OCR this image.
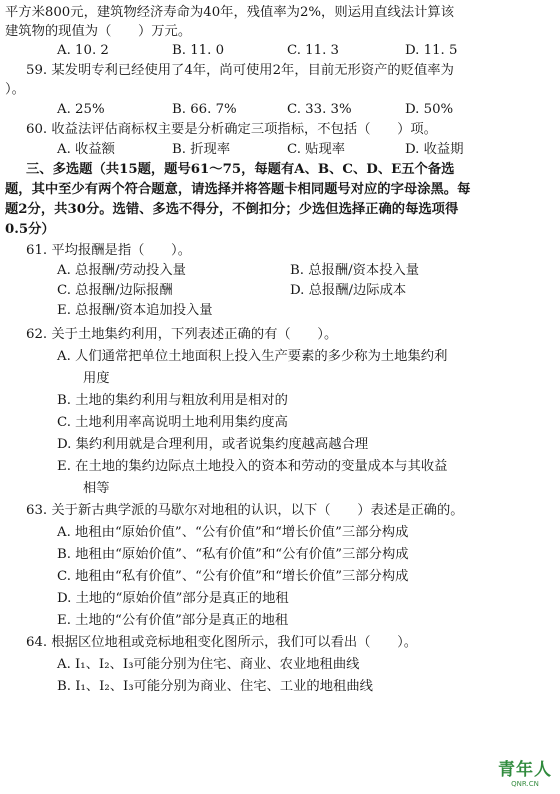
平方米800元，建筑物经济寿命为40年，残值率为2%，则运用直线法计算该
建筑物的现值为（　　）万元。
A. 10. 2	B. 11. 0	C. 11. 3	D. 11. 5
59. 某发明专利已经使用了4年，尚可使用2年，目前无形资产的贬值率为
）。
A. 25%	B. 66. 7%	C. 33. 3%	D. 50%
60. 收益法评估商标权主要是分析确定三项指标，不包括（　　）项。
A. 收益额	B. 折现率	C. 贴现率	D. 收益期
三、多选题（共15题，题号61～75，每题有A、B、C、D、E五个备选
题，其中至少有两个符合题意，请选择并将答题卡相同题号对应的字母涂黑。每
题2分，共30分。选错、多选不得分，不倒扣分；少选但选择正确的每选项得
0.5分）
61. 平均报酬是指（　　）。
A. 总报酬/劳动投入量	B. 总报酬/资本投入量
C. 总报酬/边际报酬	D. 总报酬/边际成本
E. 总报酬/资本追加投入量
62. 关于土地集约利用，下列表述正确的有（　　）。
A. 人们通常把单位土地面积上投入生产要素的多少称为土地集约利
用度
B. 土地的集约利用与粗放利用是相对的
C. 土地利用率高说明土地利用集约度高
D. 集约利用就是合理利用，或者说集约度越高越合理
E. 在土地的集约边际点土地投入的资本和劳动的变量成本与其收益
相等
63. 关于新古典学派的马歇尔对地租的认识，以下（　　）表述是正确的。
A. 地租由“原始价值”、“公有价值”和“增长价值”三部分构成
B. 地租由“原始价值”、“私有价值”和“公有价值”三部分构成
C. 地租由“私有价值”、“公有价值”和“增长价值”三部分构成
D. 土地的“原始价值”部分是真正的地租
E. 土地的“公有价值”部分是真正的地租
64. 根据区位地租或竞标地租变化图所示，我们可以看出（　　）。
A. I₁、I₂、I₃可能分别为住宅、商业、农业地租曲线
B. I₁、I₂、I₃可能分别为商业、住宅、工业的地租曲线
青年人
QNR.CN
